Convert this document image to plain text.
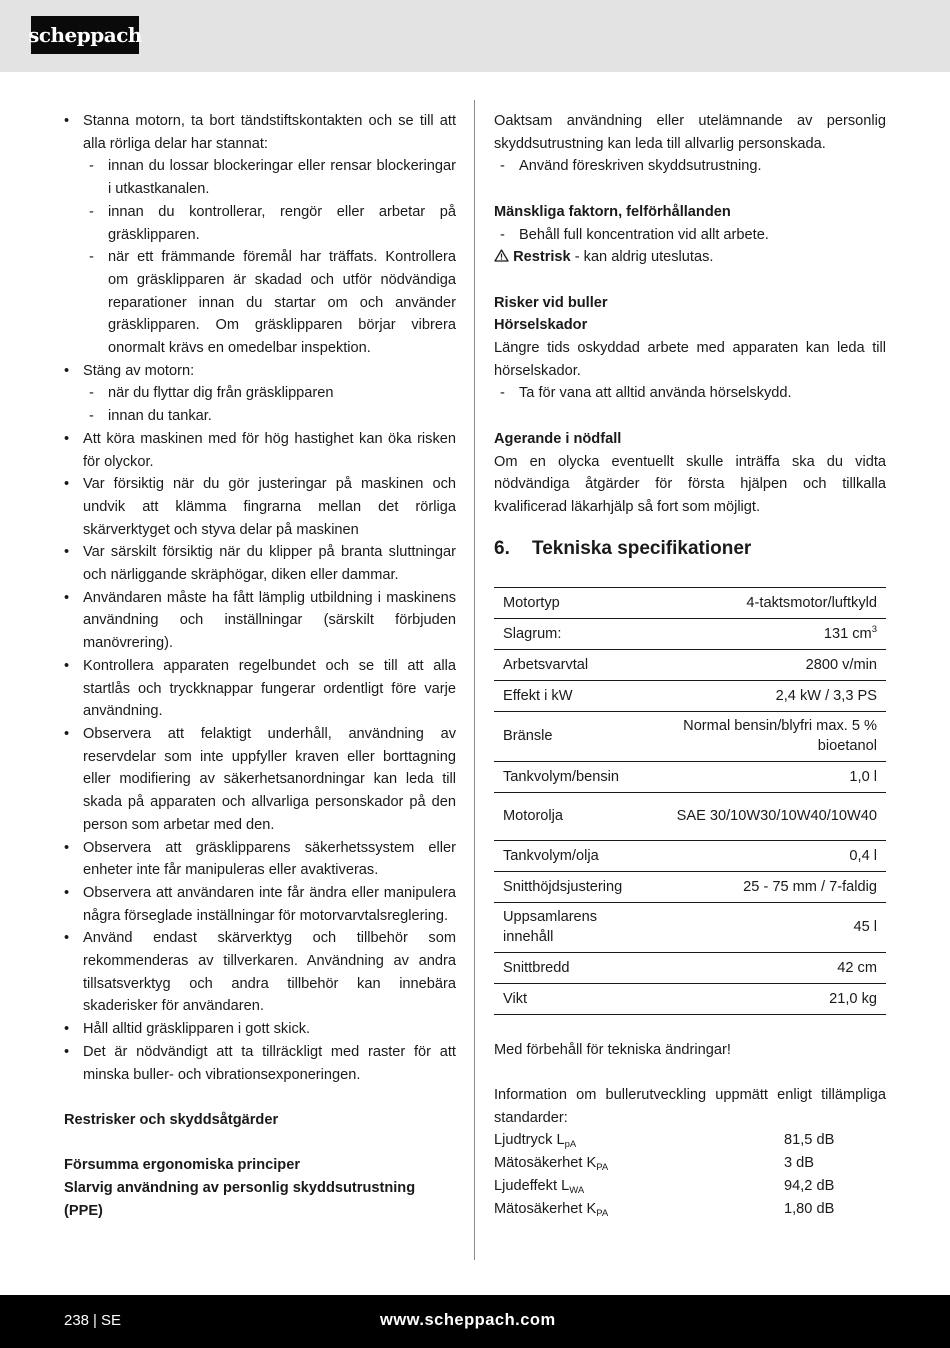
scheppach
• Stanna motorn, ta bort tändstiftskontakten och se till att alla rörliga delar har stannat:
- innan du lossar blockeringar eller rensar blockeringar i utkastkanalen.
- innan du kontrollerar, rengör eller arbetar på gräsklipparen.
- när ett främmande föremål har träffats. Kontrollera om gräsklipparen är skadad och utför nödvändiga reparationer innan du startar om och använder gräsklipparen. Om gräsklipparen börjar vibrera onormalt krävs en omedelbar inspektion.
• Stäng av motorn:
- när du flyttar dig från gräsklipparen
- innan du tankar.
• Att köra maskinen med för hög hastighet kan öka risken för olyckor.
• Var försiktig när du gör justeringar på maskinen och undvik att klämma fingrarna mellan det rörliga skärverktyget och styva delar på maskinen
• Var särskilt försiktig när du klipper på branta sluttningar och närliggande skräphögar, diken eller dammar.
• Användaren måste ha fått lämplig utbildning i maskinens användning och inställningar (särskilt förbjuden manövrering).
• Kontrollera apparaten regelbundet och se till att alla startlås och tryckknappar fungerar ordentligt före varje användning.
• Observera att felaktigt underhåll, användning av reservdelar som inte uppfyller kraven eller borttagning eller modifiering av säkerhetsanordningar kan leda till skada på apparaten och allvarliga personskador på den person som arbetar med den.
• Observera att gräsklipparens säkerhetssystem eller enheter inte får manipuleras eller avaktiveras.
• Observera att användaren inte får ändra eller manipulera några förseglade inställningar för motorvarvtalsreglering.
• Använd endast skärverktyg och tillbehör som rekommenderas av tillverkaren. Användning av andra tillsatsverktyg och andra tillbehör kan innebära skaderisker för användaren.
• Håll alltid gräsklipparen i gott skick.
• Det är nödvändigt att ta tillräckligt med raster för att minska buller- och vibrationsexponeringen.

Restrisker och skyddsåtgärder

Försumma ergonomiska principer

Slarvig användning av personlig skyddsutrustning (PPE)

Oaktsam användning eller utelämnande av personlig skyddsutrustning kan leda till allvarlig personskada.

- Använd föreskriven skyddsutrustning.

Mänskliga faktorn, felförhållanden

- Behåll full koncentration vid allt arbete.

Restrisk - kan aldrig uteslutas.

Risker vid buller

Hörselskador

Längre tids oskyddad arbete med apparaten kan leda till hörselskador.

- Ta för vana att alltid använda hörselskydd.

Agerande i nödfall

Om en olycka eventuellt skulle inträffa ska du vidta nödvändiga åtgärder för första hjälpen och tillkalla kvalificerad läkarhjälp så fort som möjligt.

6. Tekniska specifikationer
Motortyp	4-taktsmotor/luftkyld
Slagrum:	131 $cm^3$
Arbetsvarvtal	2800 v/min
Effekt i kW	2,4 kW / 3,3 PS
Bränsle	Normal bensin/blyfri max. 5 % bioetanol
Tankvolym/bensin	1,0 l
Motorolja	SAE 30/10W30/10W40/10W40
Tankvolym/olja	0,4 l
Snitthöjdsjustering	25 - 75 mm / 7-faldig
Uppsamlarens innehåll	45 l
Snittbredd	42 cm
Vikt	21,0 kg

Med förbehåll för tekniska ändringar!

Information om bullerutveckling uppmätt enligt tillämpliga standarder:

Ljudtryck $L_{pA}$	81,5 dB
Mätosäkerhet $K_{PA}$	3 dB
Ljudeffekt $L_{WA}$	94,2 dB
Mätosäkerhet $K_{PA}$	1,80 dB
238 | SE	www.scheppach.com
